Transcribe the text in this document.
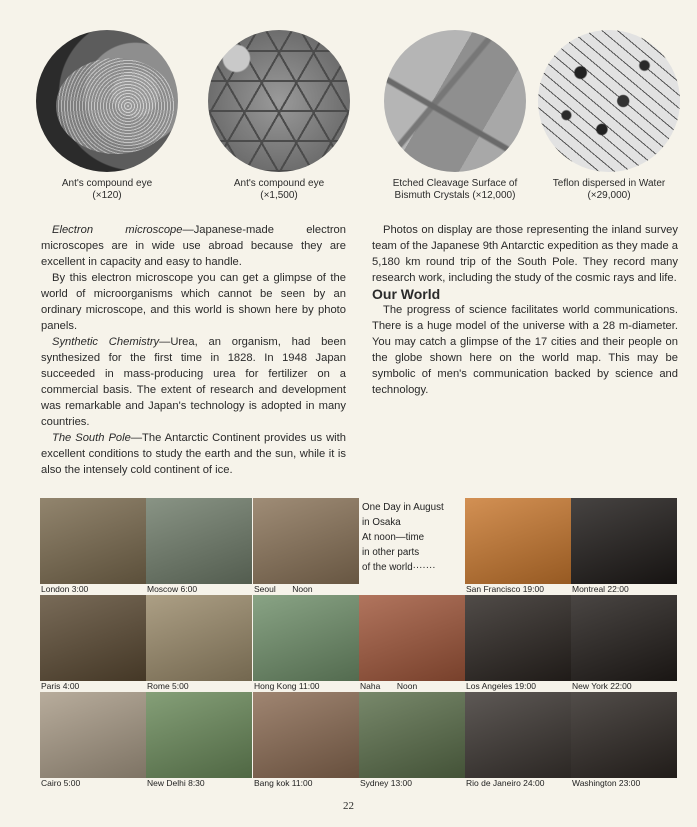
Ant's compound eye
(×120)
Ant's compound eye
(×1,500)
Etched Cleavage Surface of
Bismuth Crystals (×12,000)
Teflon dispersed in Water
(×29,000)

Electron microscope—Japanese-made electron microscopes are in wide use abroad because they are excellent in capacity and easy to handle.

By this electron microscope you can get a glimpse of the world of microorganisms which cannot be seen by an ordinary microscope, and this world is shown here by photo panels.

Synthetic Chemistry—Urea, an organism, had been synthesized for the first time in 1828. In 1948 Japan succeeded in mass-producing urea for fertilizer on a commercial basis. The extent of research and development was remarkable and Japan's technology is adopted in many countries.

The South Pole—The Antarctic Continent provides us with excellent conditions to study the earth and the sun, while it is also the intensely cold continent of ice.

Photos on display are those representing the inland survey team of the Japanese 9th Antarctic expedition as they made a 5,180 km round trip of the South Pole. They record many research work, including the study of the cosmic rays and life.

Our World

The progress of science facilitates world communications. There is a huge model of the universe with a 28 m-diameter. You may catch a glimpse of the 17 cities and their people on the globe shown here on the world map. This may be symbolic of men's communication backed by science and technology.

One Day in August
in Osaka
At noon—time
in other parts
of the world·······
London 3:00	Moscow 6:00	Seoul       Noon	San Francisco 19:00	Montreal 22:00
Paris 4:00	Rome 5:00	Hong Kong 11:00	Naha       Noon	Los Angeles 19:00	New York 22:00
Cairo 5:00	New Delhi 8:30	Bang kok 11:00	Sydney 13:00	Rio de Janeiro 24:00	Washington 23:00
22
